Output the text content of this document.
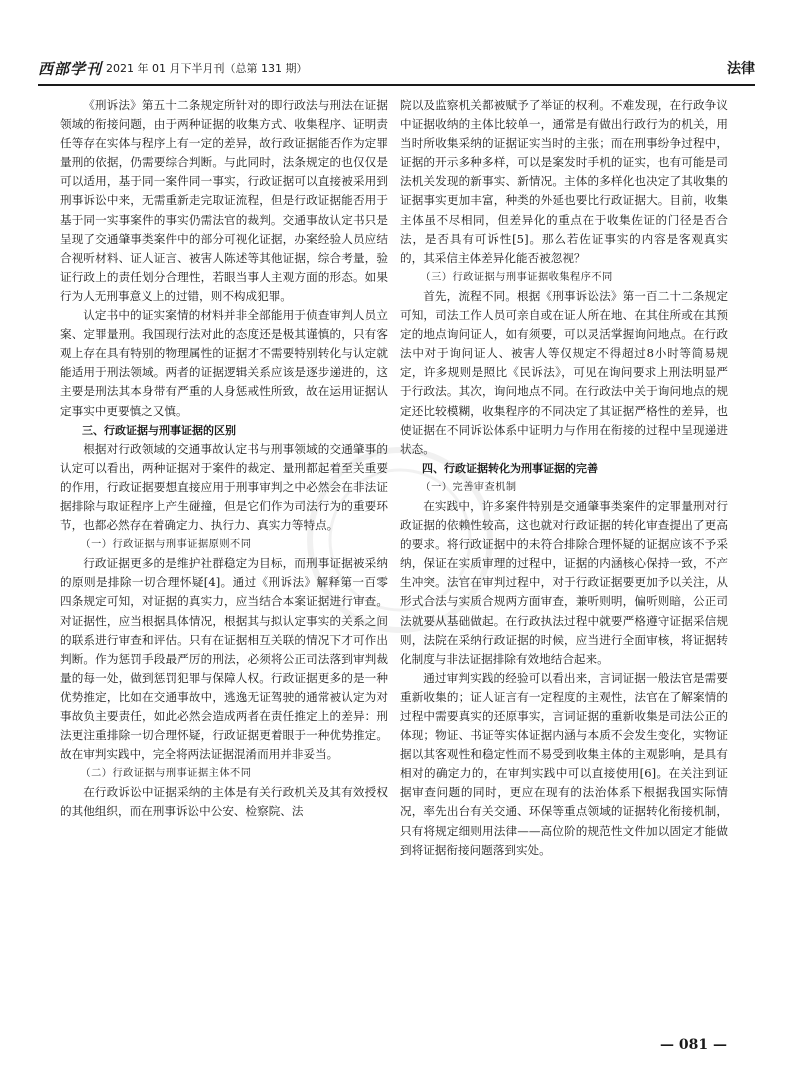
西部学刊 2021 年 01 月下半月刊（总第 131 期）	法律

《刑诉法》第五十二条规定所针对的即行政法与刑法在证据领域的衔接问题，由于两种证据的收集方式、收集程序、证明责任等存在实体与程序上有一定的差异，故行政证据能否作为定罪量刑的依据，仍需要综合判断。与此同时，法条规定的也仅仅是可以适用，基于同一案件同一事实，行政证据可以直接被采用到刑事诉讼中来，无需重新走完取证流程，但是行政证据能否用于基于同一实事案件的事实仍需法官的裁判。交通事故认定书只是呈现了交通肇事类案件中的部分可视化证据，办案经验人员应结合视听材料、证人证言、被害人陈述等其他证据，综合考量，验证行政上的责任划分合理性，若眼当事人主观方面的形态。如果行为人无刑事意义上的过错，则不构成犯罪。

认定书中的证实案情的材料并非全部能用于侦查审判人员立案、定罪量刑。我国现行法对此的态度还是极其谨慎的，只有客观上存在具有特别的物理属性的证据才不需要特别转化与认定就能适用于刑法领域。两者的证据逻辑关系应该是逐步递进的，这主要是刑法其本身带有严重的人身惩戒性所致，故在运用证据认定事实中更要慎之又慎。

三、行政证据与刑事证据的区别

根据对行政领域的交通事故认定书与刑事领域的交通肇事的认定可以看出，两种证据对于案件的裁定、量刑都起着至关重要的作用，行政证据要想直接应用于刑事审判之中必然会在非法证据排除与取证程序上产生碰撞，但是它们作为司法行为的重要环节，也都必然存在着确定力、执行力、真实力等特点。

（一）行政证据与刑事证据原则不同

行政证据更多的是维护社群稳定为目标，而刑事证据被采纳的原则是排除一切合理怀疑[4]。通过《刑诉法》解释第一百零四条规定可知，对证据的真实力，应当结合本案证据进行审查。对证据性，应当根据具体情况，根据其与拟认定事实的关系之间的联系进行审查和评估。只有在证据相互关联的情况下才可作出判断。作为惩罚手段最严厉的刑法，必须将公正司法落到审判裁量的每一处，做到惩罚犯罪与保障人权。行政证据更多的是一种优势推定，比如在交通事故中，逃逸无证驾驶的通常被认定为对事故负主要责任，如此必然会造成两者在责任推定上的差异：刑法更注重排除一切合理怀疑，行政证据更着眼于一种优势推定。故在审判实践中，完全将两法证据混淆而用并非妥当。

（二）行政证据与刑事证据主体不同

在行政诉讼中证据采纳的主体是有关行政机关及其有效授权的其他组织，而在刑事诉讼中公安、检察院、法

院以及监察机关都被赋予了举证的权利。不难发现，在行政争议中证据收纳的主体比较单一，通常是有做出行政行为的机关，用当时所收集采纳的证据证实当时的主张；而在刑事纷争过程中，证据的开示多种多样，可以是案发时手机的证实，也有可能是司法机关发现的新事实、新情况。主体的多样化也决定了其收集的证据事实更加丰富，种类的外延也要比行政证据大。目前，收集主体虽不尽相同，但差异化的重点在于收集佐证的门径是否合法，是否具有可诉性[5]。那么若佐证事实的内容是客观真实的，其采信主体差异化能否被忽视？

（三）行政证据与刑事证据收集程序不同

首先，流程不同。根据《刑事诉讼法》第一百二十二条规定可知，司法工作人员可亲自或在证人所在地、在其住所或在其预定的地点询问证人，如有须要，可以灵活掌握询问地点。在行政法中对于询问证人、被害人等仅规定不得超过8小时等简易规定，许多规则是照比《民诉法》，可见在询问要求上刑法明显严于行政法。其次，询问地点不同。在行政法中关于询问地点的规定还比较模糊，收集程序的不同决定了其证据严格性的差异，也使证据在不同诉讼体系中证明力与作用在衔接的过程中呈现递进状态。

四、行政证据转化为刑事证据的完善

（一）完善审查机制

在实践中，许多案件特别是交通肇事类案件的定罪量刑对行政证据的依赖性较高，这也就对行政证据的转化审查提出了更高的要求。将行政证据中的未符合排除合理怀疑的证据应该不予采纳，保证在实质审理的过程中，证据的内涵核心保持一致，不产生冲突。法官在审判过程中，对于行政证据要更加予以关注，从形式合法与实质合规两方面审查，兼听则明，偏听则暗，公正司法就要从基础做起。在行政执法过程中就要严格遵守证据采信规则，法院在采纳行政证据的时候，应当进行全面审核，将证据转化制度与非法证据排除有效地结合起来。

通过审判实践的经验可以看出来，言词证据一般法官是需要重新收集的；证人证言有一定程度的主观性，法官在了解案情的过程中需要真实的还原事实，言词证据的重新收集是司法公正的体现；物证、书证等实体证据内涵与本质不会发生变化，实物证据以其客观性和稳定性而不易受到收集主体的主观影响，是具有相对的确定力的，在审判实践中可以直接使用[6]。在关注到证据审查问题的同时，更应在现有的法治体系下根据我国实际情况，率先出台有关交通、环保等重点领域的证据转化衔接机制，只有将规定细则用法律——高位阶的规范性文件加以固定才能做到将证据衔接问题落到实处。

— 081 —
